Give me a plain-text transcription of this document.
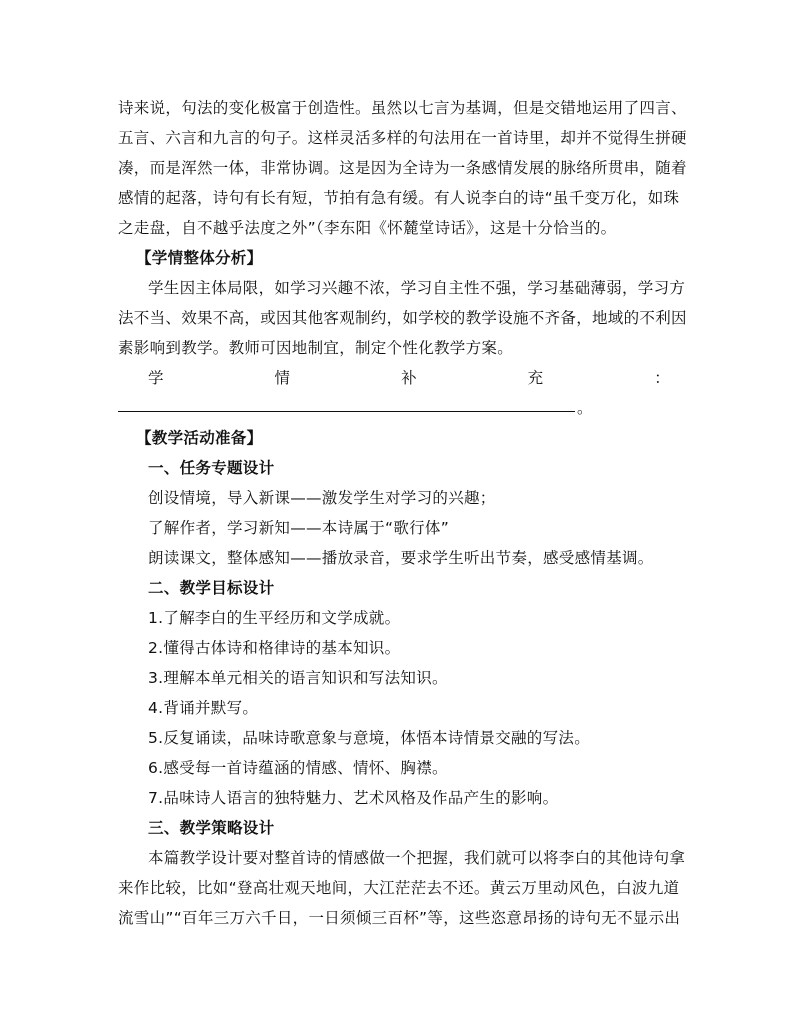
诗来说，句法的变化极富于创造性。虽然以七言为基调，但是交错地运用了四言、
五言、六言和九言的句子。这样灵活多样的句法用在一首诗里，却并不觉得生拼硬
凑，而是浑然一体，非常协调。这是因为全诗为一条感情发展的脉络所贯串，随着
感情的起落，诗句有长有短，节拍有急有缓。有人说李白的诗“虽千变万化，如珠
之走盘，自不越乎法度之外”（李东阳《怀麓堂诗话》，这是十分恰当的。
【学情整体分析】
学生因主体局限，如学习兴趣不浓，学习自主性不强，学习基础薄弱，学习方
法不当、效果不高，或因其他客观制约，如学校的教学设施不齐备，地域的不利因
素影响到教学。教师可因地制宜，制定个性化教学方案。
学	情	补	充	：
。
【教学活动准备】
一、任务专题设计
创设情境，导入新课——激发学生对学习的兴趣；
了解作者，学习新知——本诗属于“歌行体”
朗读课文，整体感知——播放录音，要求学生听出节奏，感受感情基调。
二、教学目标设计
1.了解李白的生平经历和文学成就。
2.懂得古体诗和格律诗的基本知识。
3.理解本单元相关的语言知识和写法知识。
4.背诵并默写。
5.反复诵读，品味诗歌意象与意境，体悟本诗情景交融的写法。
6.感受每一首诗蕴涵的情感、情怀、胸襟。
7.品味诗人语言的独特魅力、艺术风格及作品产生的影响。
三、教学策略设计
本篇教学设计要对整首诗的情感做一个把握，我们就可以将李白的其他诗句拿
来作比较，比如“登高壮观天地间，大江茫茫去不还。黄云万里动风色，白波九道
流雪山”“百年三万六千日，一日须倾三百杯”等，这些恣意昂扬的诗句无不显示出
